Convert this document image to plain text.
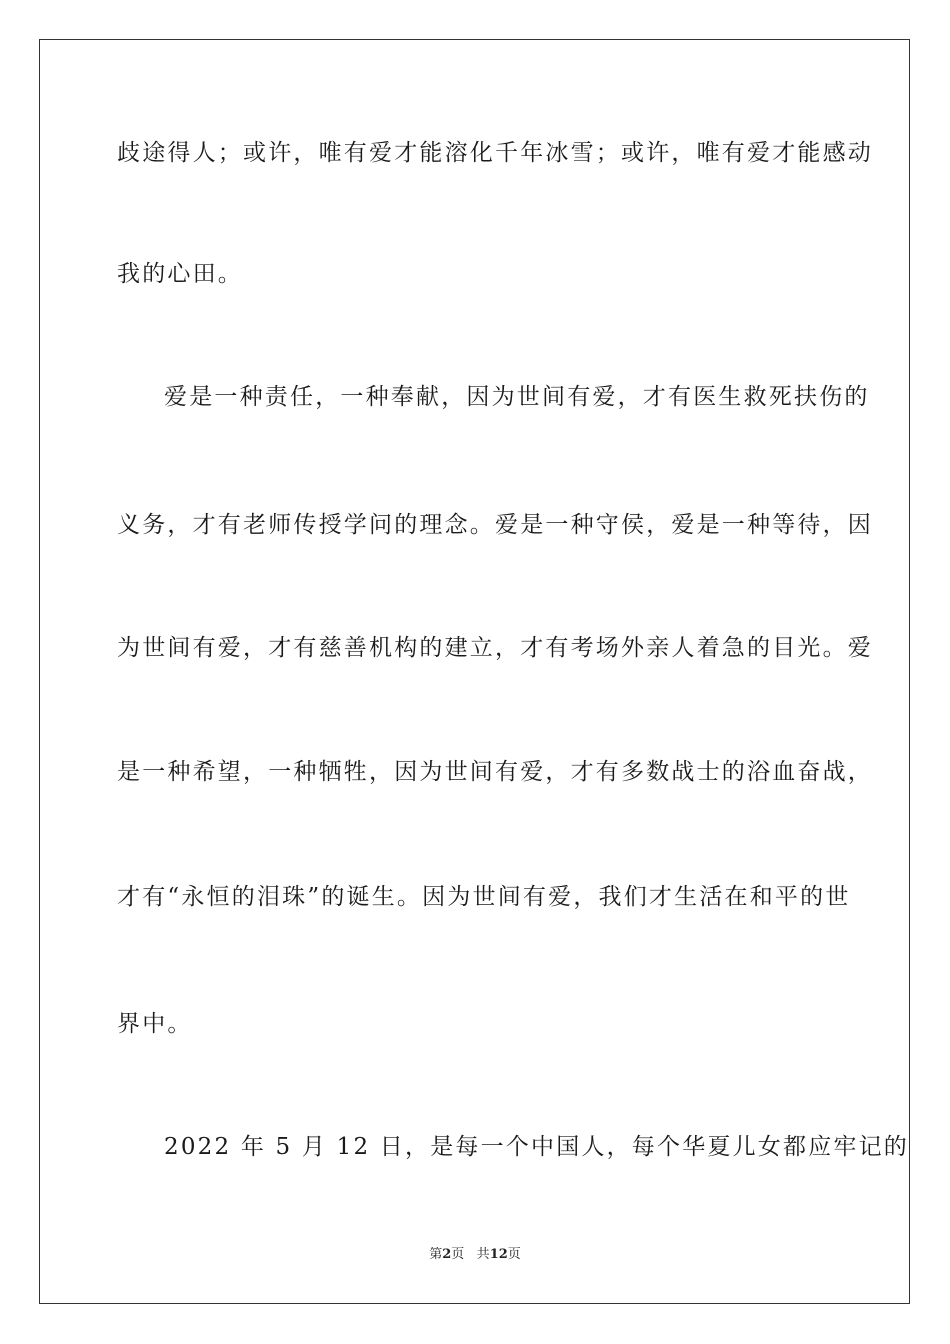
歧途得人；或许，唯有爱才能溶化千年冰雪；或许，唯有爱才能感动
我的心田。
爱是一种责任，一种奉献，因为世间有爱，才有医生救死扶伤的
义务，才有老师传授学问的理念。爱是一种守侯，爱是一种等待，因
为世间有爱，才有慈善机构的建立，才有考场外亲人着急的目光。爱
是一种希望，一种牺牲，因为世间有爱，才有多数战士的浴血奋战，
才有“永恒的泪珠”的诞生。因为世间有爱，我们才生活在和平的世
界中。
2022 年 5 月 12 日，是每一个中国人，每个华夏儿女都应牢记的
第2页 共12页
